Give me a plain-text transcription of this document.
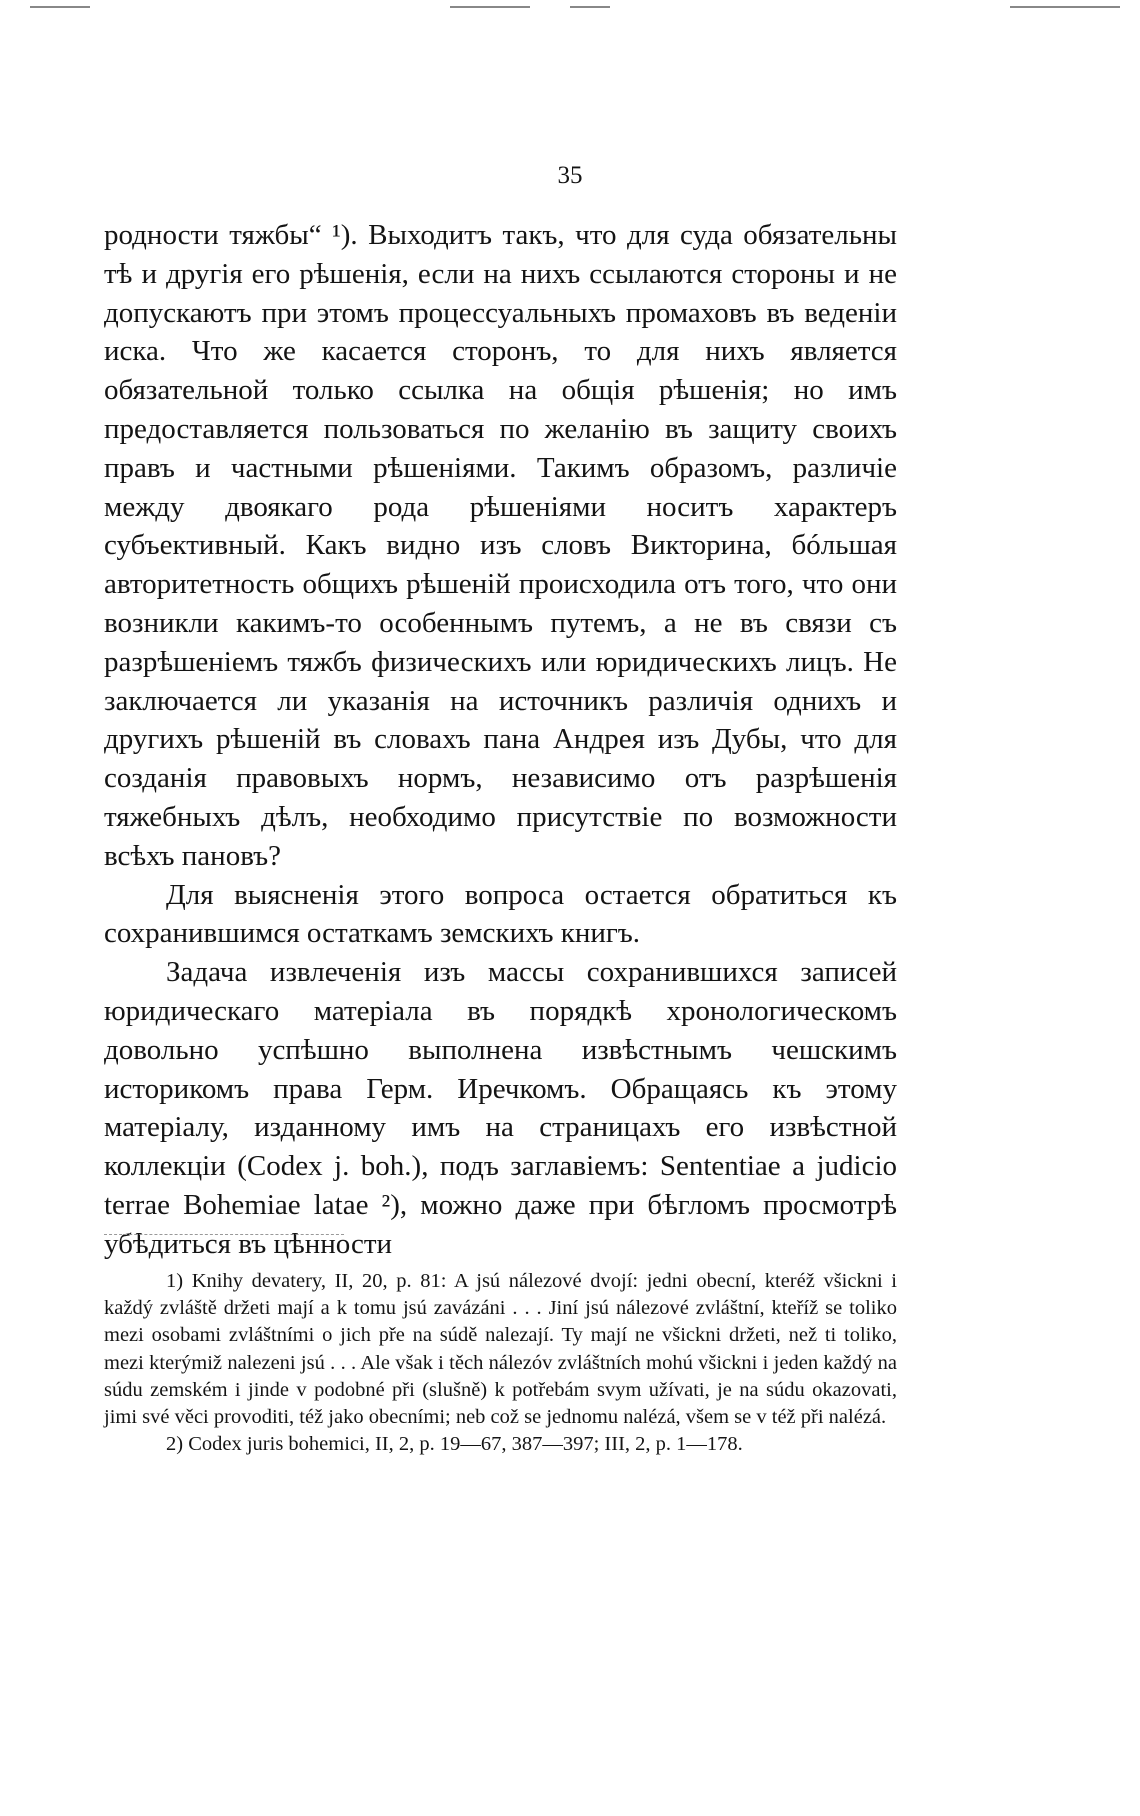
35

родности тяжбы“ ¹). Выходитъ такъ, что для суда обязательны тѣ и другія его рѣшенія, если на нихъ ссылаются стороны и не допускаютъ при этомъ процессуальныхъ промаховъ въ веденіи иска. Что же касается сторонъ, то для нихъ является обязательной только ссылка на общія рѣшенія; но имъ предоставляется пользоваться по желанію въ защиту своихъ правъ и частными рѣшеніями. Такимъ образомъ, различіе между двоякаго рода рѣшеніями носитъ характеръ субъективный. Какъ видно изъ словъ Викторина, бóльшая авторитетность общихъ рѣшеній происходила отъ того, что они возникли какимъ-то особеннымъ путемъ, а не въ связи съ разрѣшеніемъ тяжбъ физическихъ или юридическихъ лицъ. Не заключается ли указанія на источникъ различія однихъ и другихъ рѣшеній въ словахъ пана Андрея изъ Дубы, что для созданія правовыхъ нормъ, независимо отъ разрѣшенія тяжебныхъ дѣлъ, необходимо присутствіе по возможности всѣхъ пановъ?

Для выясненія этого вопроса остается обратиться къ сохранившимся остаткамъ земскихъ книгъ.

Задача извлеченія изъ массы сохранившихся записей юридическаго матеріала въ порядкѣ хронологическомъ довольно успѣшно выполнена извѣстнымъ чешскимъ историкомъ права Герм. Иречкомъ. Обращаясь къ этому матеріалу, изданному имъ на страницахъ его извѣстной коллекціи (Codex j. boh.), подъ заглавіемъ: Sententiae a judicio terrae Bohemiae latae ²), можно даже при бѣгломъ просмотрѣ убѣдиться въ цѣнности

1) Knihy devatery, II, 20, p. 81: A jsú nálezové dvojí: jedni obecní, kteréž všickni i každý zvláště držeti mají a k tomu jsú zavázáni . . . Jiní jsú nálezové zvláštní, kteříž se toliko mezi osobami zvláštními o jich pře na súdě nalezají. Ty mají ne všickni držeti, než ti toliko, mezi kterýmiž nalezeni jsú . . . Ale však i těch nálezóv zvláštních mohú všickni i jeden každý na súdu zemském i jinde v podobné při (slušně) k potřebám svym užívati, je na súdu okazovati, jimi své věci provoditi, též jako obecními; neb což se jednomu nalézá, všem se v též při nalézá.

2) Codex juris bohemici, II, 2, p. 19—67, 387—397; III, 2, p. 1—178.
